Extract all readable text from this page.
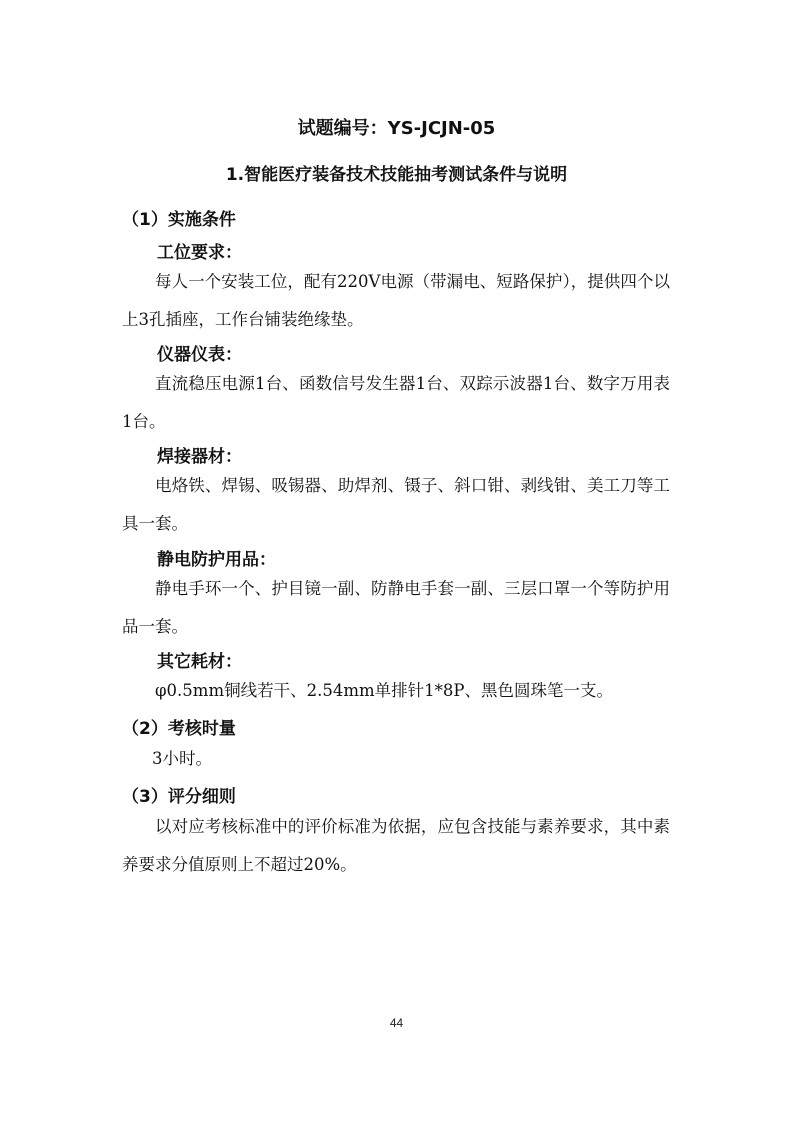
试题编号：YS-JCJN-05
1.智能医疗装备技术技能抽考测试条件与说明
（1）实施条件
工位要求：

每人一个安装工位，配有220V电源（带漏电、短路保护），提供四个以上3孔插座，工作台铺装绝缘垫。

仪器仪表：

直流稳压电源1台、函数信号发生器1台、双踪示波器1台、数字万用表1台。

焊接器材：

电烙铁、焊锡、吸锡器、助焊剂、镊子、斜口钳、剥线钳、美工刀等工具一套。

静电防护用品：

静电手环一个、护目镜一副、防静电手套一副、三层口罩一个等防护用品一套。

其它耗材：

φ0.5mm铜线若干、2.54mm单排针1*8P、黑色圆珠笔一支。

（2）考核时量

3小时。

（3）评分细则

以对应考核标准中的评价标准为依据，应包含技能与素养要求，其中素养要求分值原则上不超过20%。

44
